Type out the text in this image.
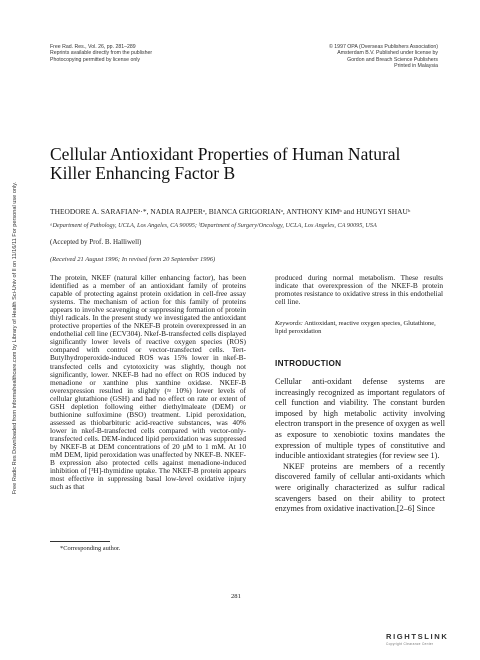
Free Radic Res Downloaded from informahealthcare.com by Library of Health Sci-Univ of Il on 11/16/11 For personal use only.
Free Rad. Res., Vol. 26, pp. 281–289
Reprints available directly from the publisher
Photocopying permitted by license only
© 1997 OPA (Overseas Publishers Association)
Amsterdam B.V. Published under license by
Gordon and Breach Science Publishers
Printed in Malaysia
Cellular Antioxidant Properties of Human Natural Killer Enhancing Factor B
THEODORE A. SARAFIANᵃ·*, NADIA RAJPERᵃ, BIANCA GRIGORIANᵃ, ANTHONY KIMᵇ and HUNGYI SHAUᵇ
ᵃDepartment of Pathology, UCLA, Los Angeles, CA 90095; ᵇDepartment of Surgery/Oncology, UCLA, Los Angeles, CA 90095, USA
(Accepted by Prof. B. Halliwell)
(Received 21 August 1996; In revised form 20 September 1996)
The protein, NKEF (natural killer enhancing factor), has been identified as a member of an antioxidant family of proteins capable of protecting against protein oxidation in cell-free assay systems. The mechanism of action for this family of proteins appears to involve scavenging or suppressing formation of protein thiyl radicals. In the present study we investigated the antioxidant protective properties of the NKEF-B protein overexpressed in an endothelial cell line (ECV304). Nkef-B-transfected cells displayed significantly lower levels of reactive oxygen species (ROS) compared with control or vector-transfected cells. Tert-Butylhydroperoxide-induced ROS was 15% lower in nkef-B-transfected cells and cytotoxicity was slightly, though not significantly, lower. NKEF-B had no effect on ROS induced by menadione or xanthine plus xanthine oxidase. NKEF-B overexpression resulted in slightly (≈ 10%) lower levels of cellular glutathione (GSH) and had no effect on rate or extent of GSH depletion following either diethylmaleate (DEM) or buthionine sulfoximine (BSO) treatment. Lipid peroxidation, assessed as thiobarbituric acid-reactive substances, was 40% lower in nkef-B-transfected cells compared with vector-only-transfected cells. DEM-induced lipid peroxidation was suppressed by NKEF-B at DEM concentrations of 20 µM to 1 mM. At 10 mM DEM, lipid peroxidation was unaffected by NKEF-B. NKEF-B expression also protected cells against menadione-induced inhibition of [³H]-thymidine uptake. The NKEF-B protein appears most effective in suppressing basal low-level oxidative injury such as that
produced during normal metabolism. These results indicate that overexpression of the NKEF-B protein promotes resistance to oxidative stress in this endothelial cell line.
Keywords: Antioxidant, reactive oxygen species, Glutathione, lipid peroxidation
INTRODUCTION

Cellular anti-oxidant defense systems are increasingly recognized as important regulators of cell function and viability. The constant burden imposed by high metabolic activity involving electron transport in the presence of oxygen as well as exposure to xenobiotic toxins mandates the expression of multiple types of constitutive and inducible antioxidant strategies (for review see 1).

NKEF proteins are members of a recently discovered family of cellular anti-oxidants which were originally characterized as sulfur radical scavengers based on their ability to protect enzymes from oxidative inactivation.[2–6] Since

*Corresponding author.
281
RIGHTSLINK
Copyright Clearance Center
